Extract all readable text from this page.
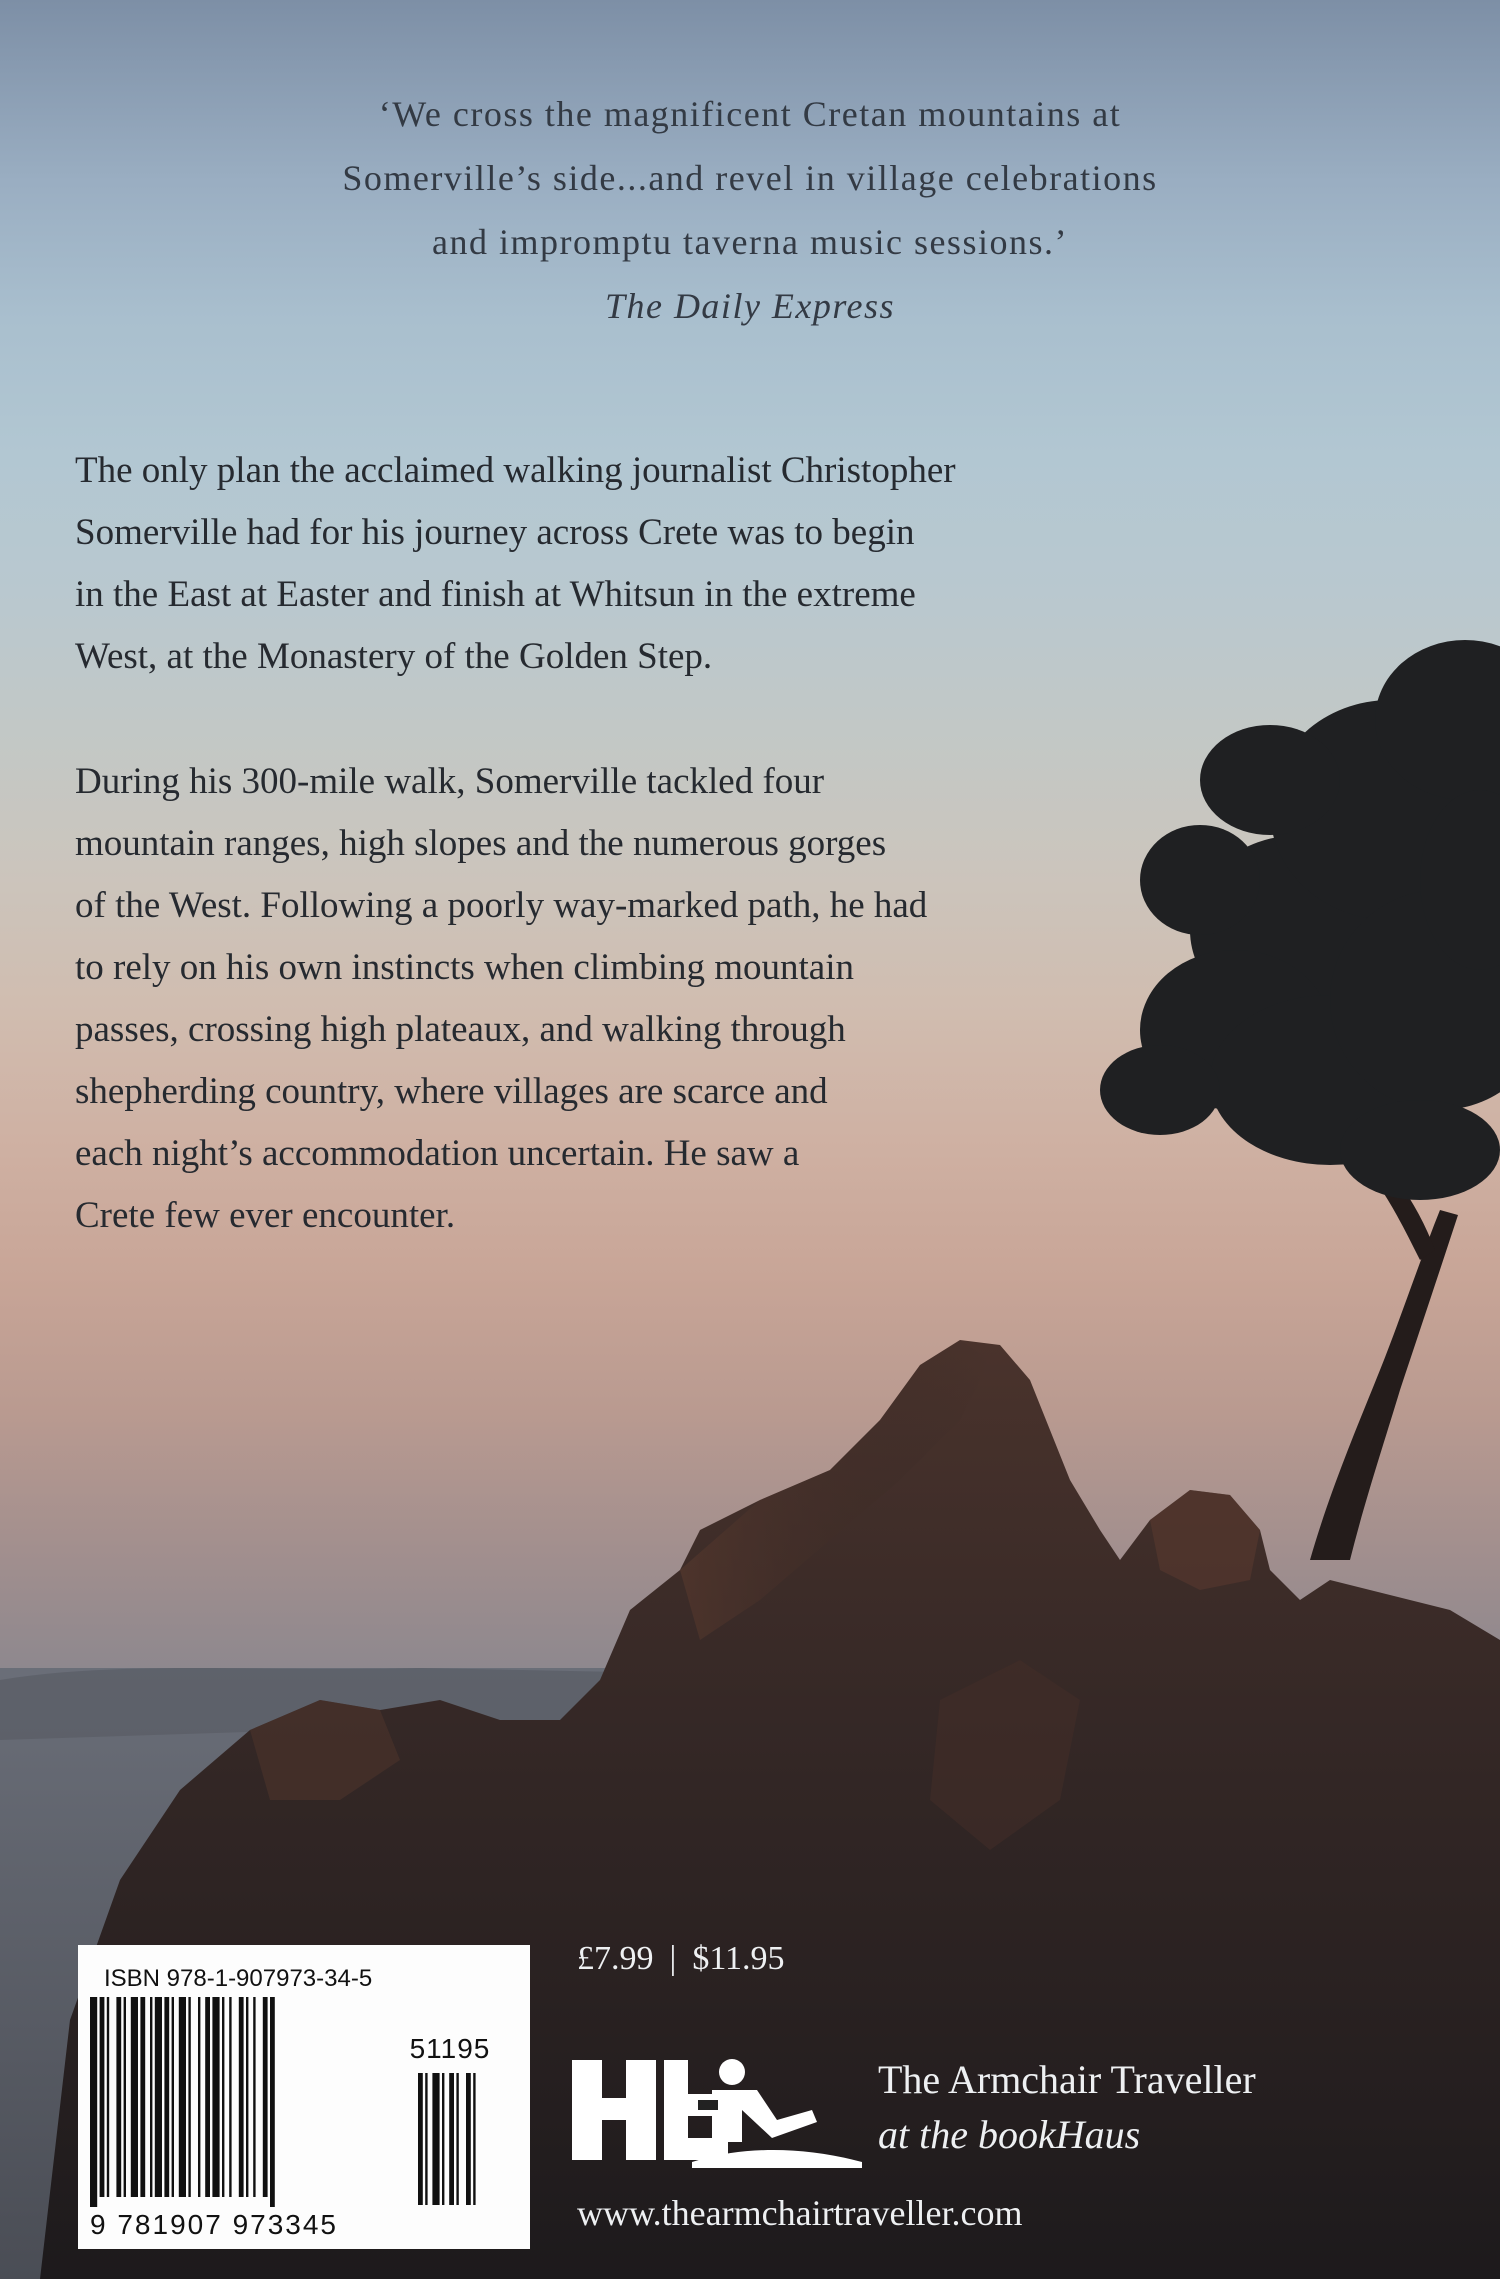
‘We cross the magnificent Cretan mountains at
Somerville’s side...and revel in village celebrations
and impromptu taverna music sessions.’
The Daily Express
The only plan the acclaimed walking journalist Christopher
Somerville had for his journey across Crete was to begin
in the East at Easter and finish at Whitsun in the extreme
West, at the Monastery of the Golden Step.
During his 300-mile walk, Somerville tackled four
mountain ranges, high slopes and the numerous gorges
of the West. Following a poorly way-marked path, he had
to rely on his own instincts when climbing mountain
passes, crossing high plateaux, and walking through
shepherding country, where villages are scarce and
each night’s accommodation uncertain. He saw a
Crete few ever encounter.
ISBN 978-1-907973-34-5
51195
9 781907 973345
£7.99 | $11.95
The Armchair Traveller
at the bookHaus
www.thearmchairtraveller.com
